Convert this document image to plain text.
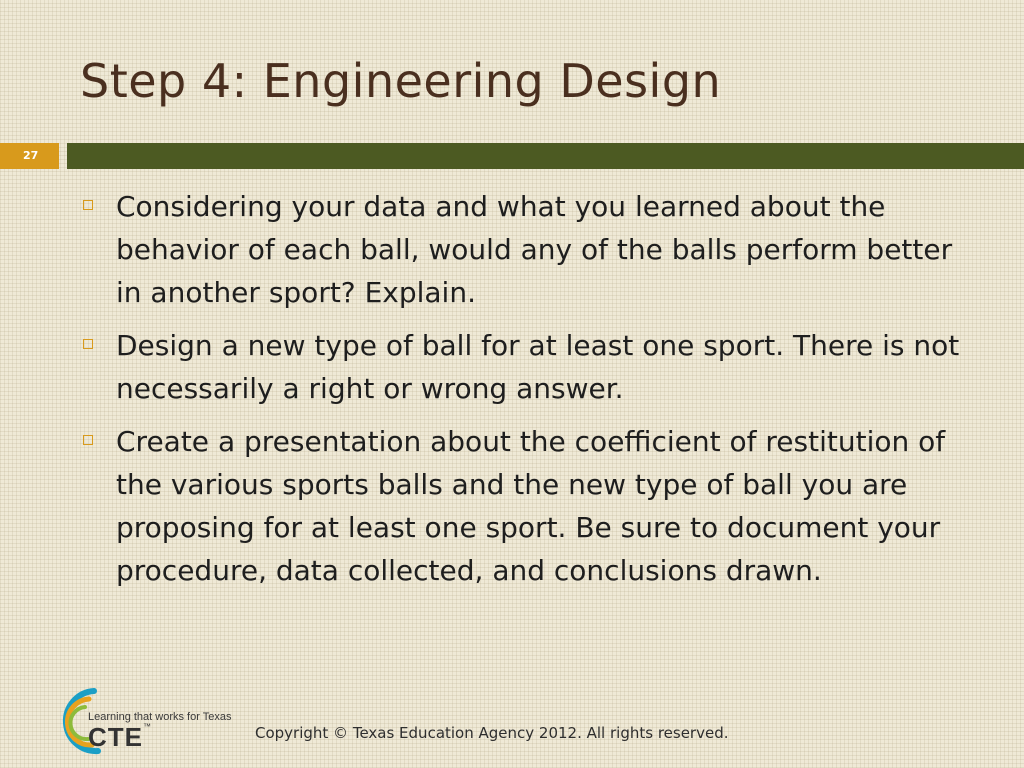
Step 4: Engineering Design
27
Considering your data and what you learned about the behavior of each ball, would any of the balls perform better in another sport? Explain.
Design a new type of ball for at least one sport. There is not necessarily a right or wrong answer.
Create a presentation about the coefficient of restitution of the various sports balls and the new type of ball you are proposing for at least one sport. Be sure to document your procedure, data collected, and conclusions drawn.
Learning that works for Texas
CTE™	Copyright © Texas Education Agency 2012. All rights reserved.
